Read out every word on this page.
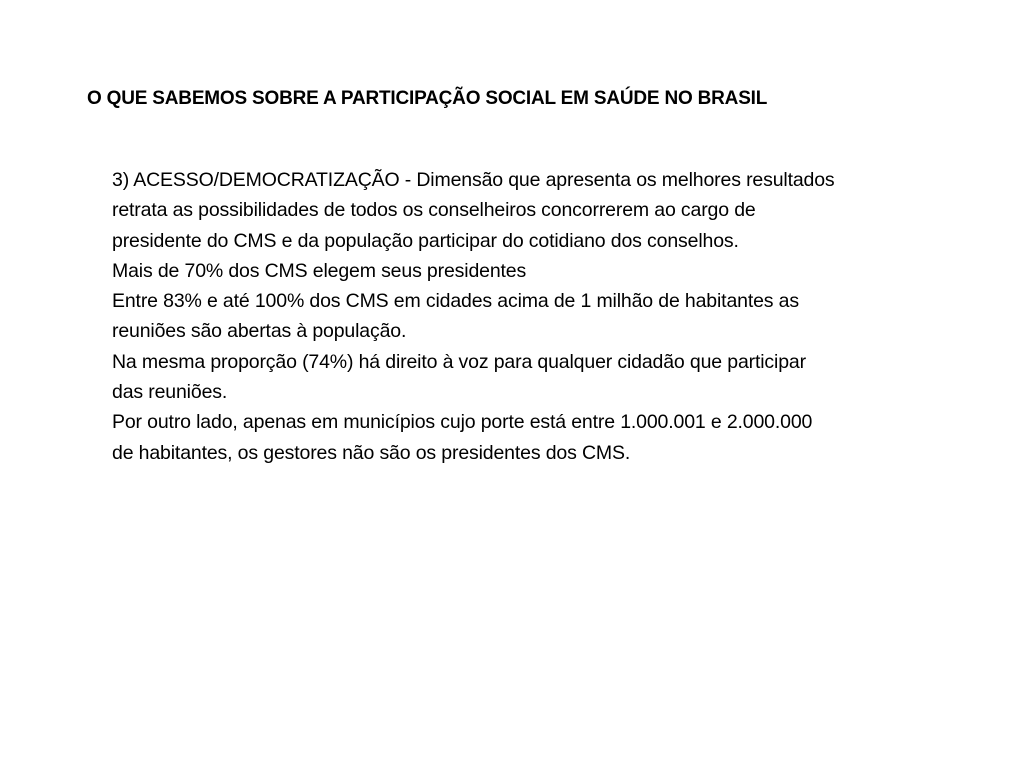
O QUE SABEMOS SOBRE A PARTICIPAÇÃO SOCIAL EM SAÚDE NO BRASIL
3) ACESSO/DEMOCRATIZAÇÃO - Dimensão que apresenta os melhores resultados
retrata as possibilidades de todos os conselheiros concorrerem ao cargo de
presidente do CMS e da população participar do cotidiano dos conselhos.
Mais de 70% dos CMS elegem seus presidentes
Entre 83% e até 100% dos CMS em cidades acima de 1 milhão de habitantes as
reuniões são abertas à população.
Na mesma proporção (74%) há direito à voz para qualquer cidadão que participar
das reuniões.
Por outro lado, apenas em municípios cujo porte está entre 1.000.001 e 2.000.000
de habitantes, os gestores não são os presidentes dos CMS.
